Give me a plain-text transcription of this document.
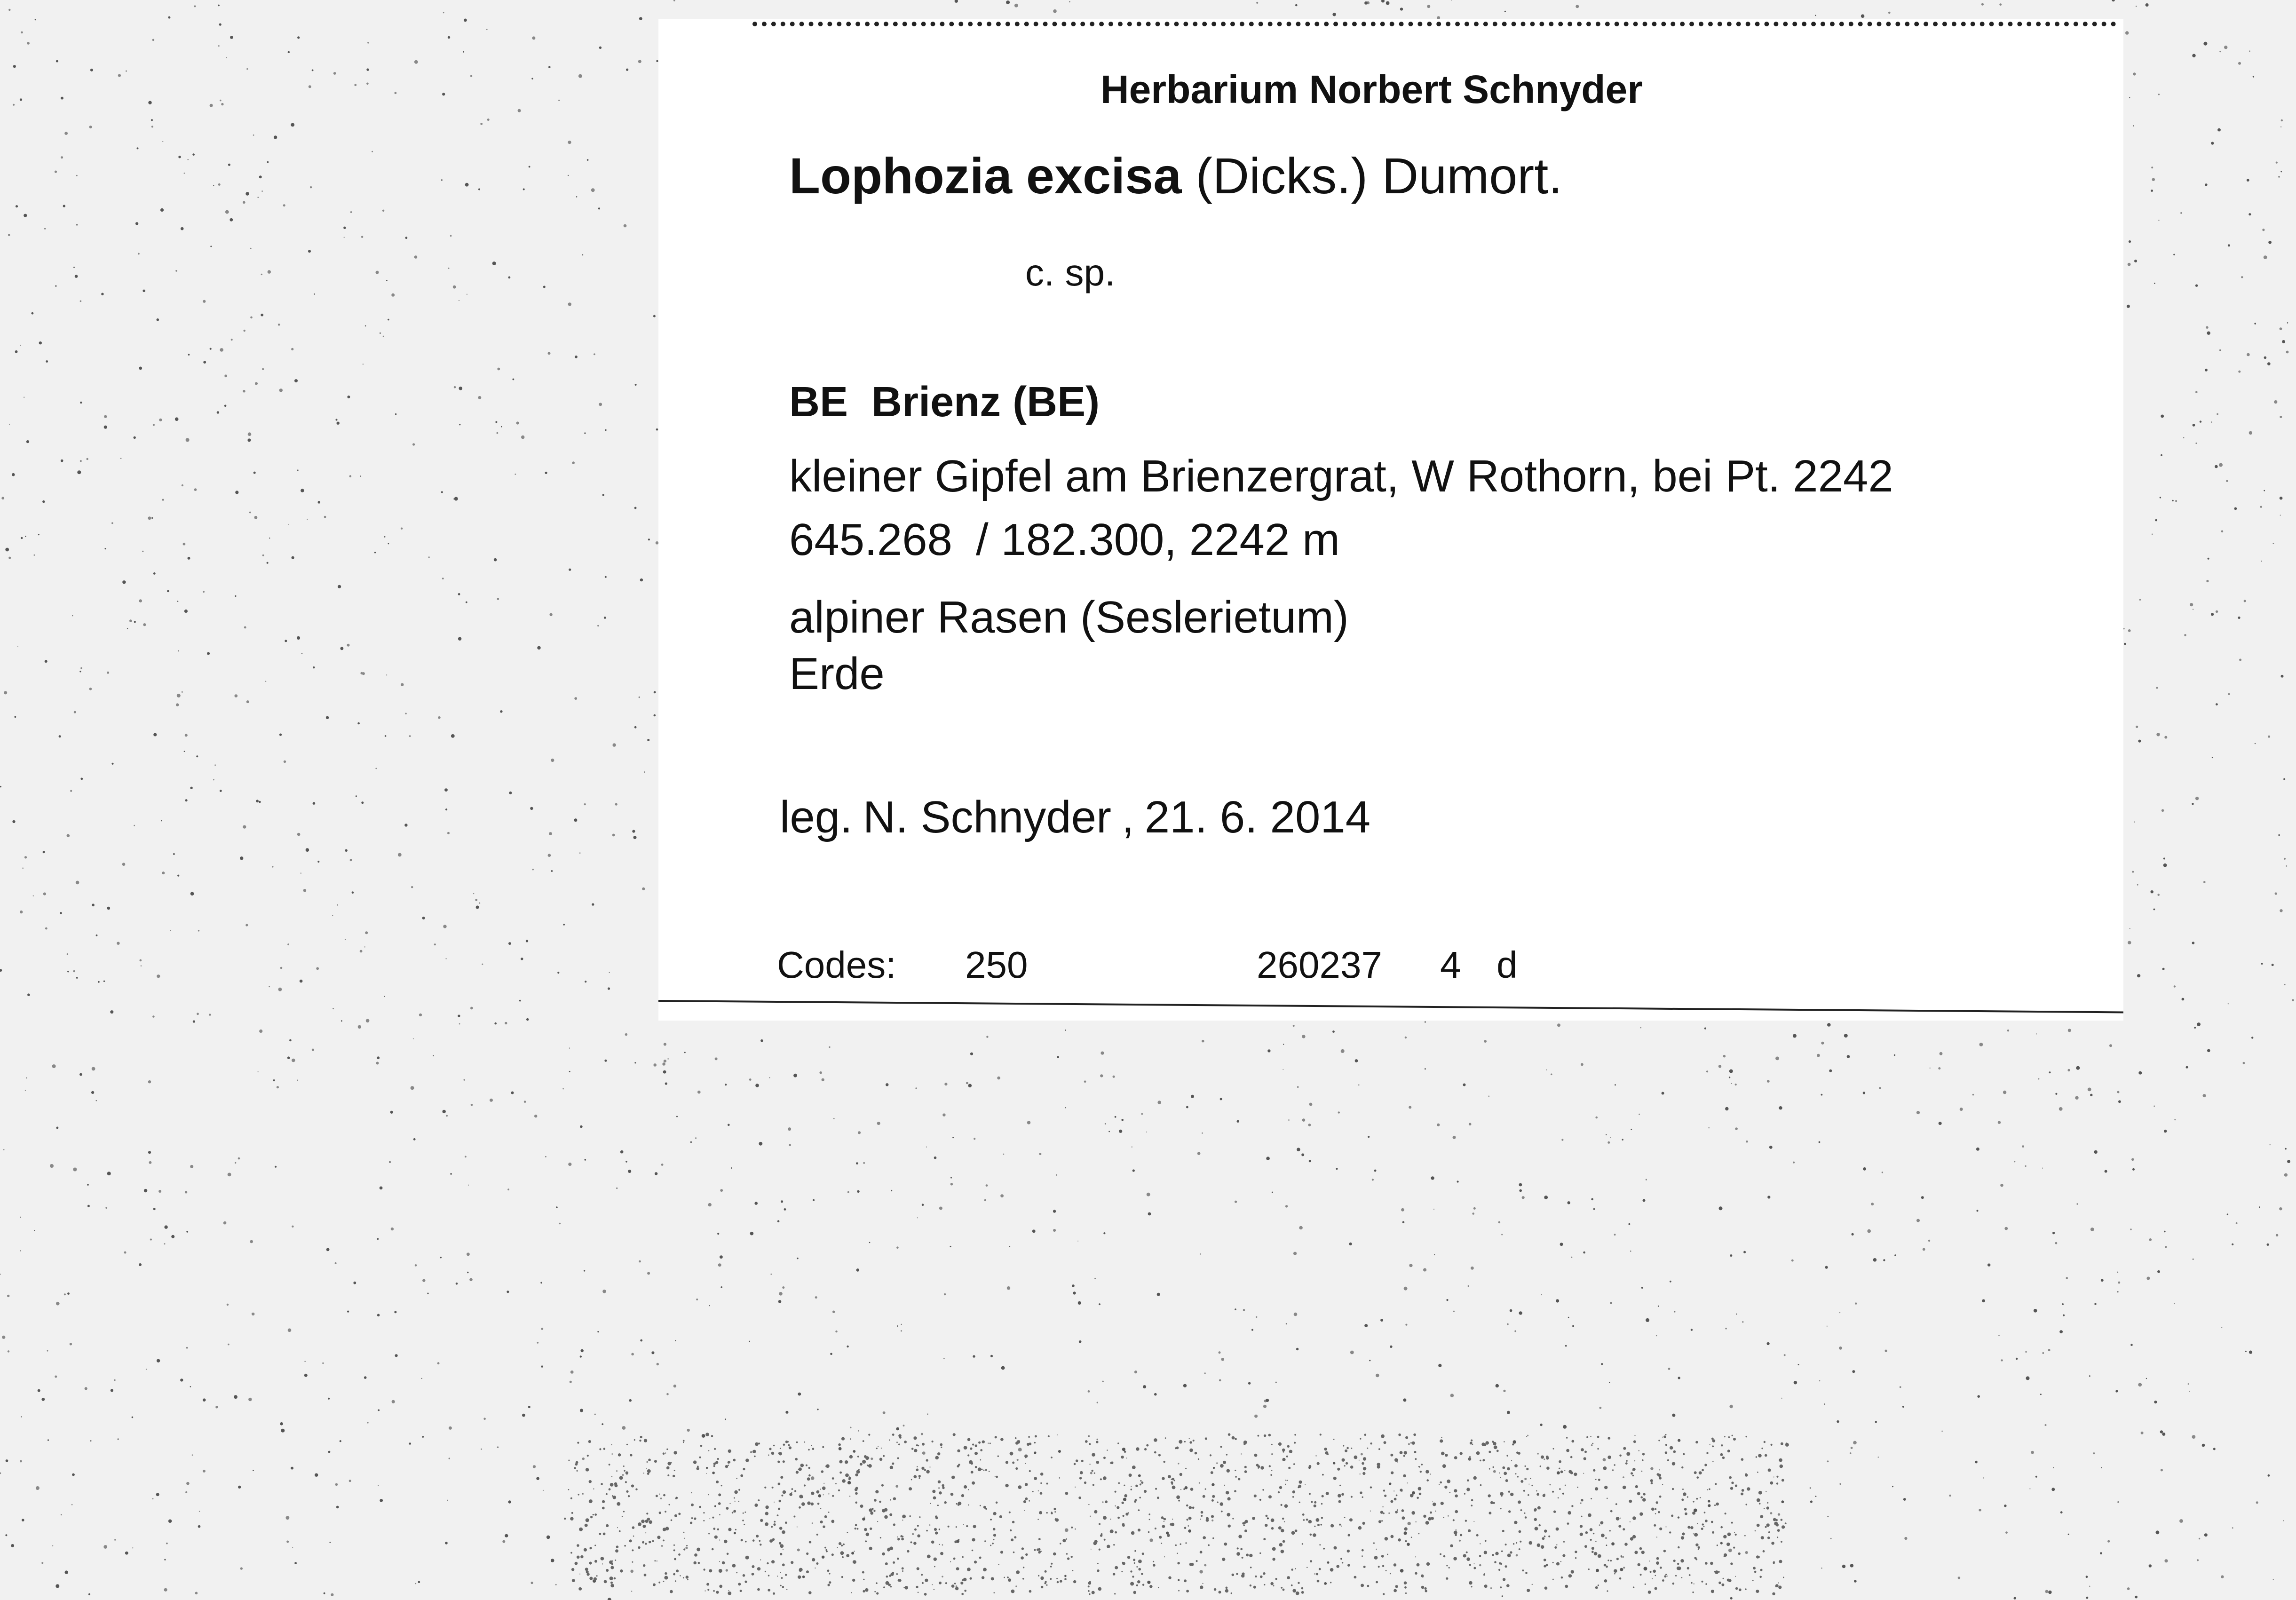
Herbarium Norbert Schnyder
Lophozia excisa (Dicks.) Dumort.
c. sp.
BE Brienz (BE)
kleiner Gipfel am Brienzergrat, W Rothorn, bei Pt. 2242
645.268 / 182.300, 2242 m
alpiner Rasen (Seslerietum)
Erde
leg. N. Schnyder , 21. 6. 2014
Codes: 250	260237 4 d
